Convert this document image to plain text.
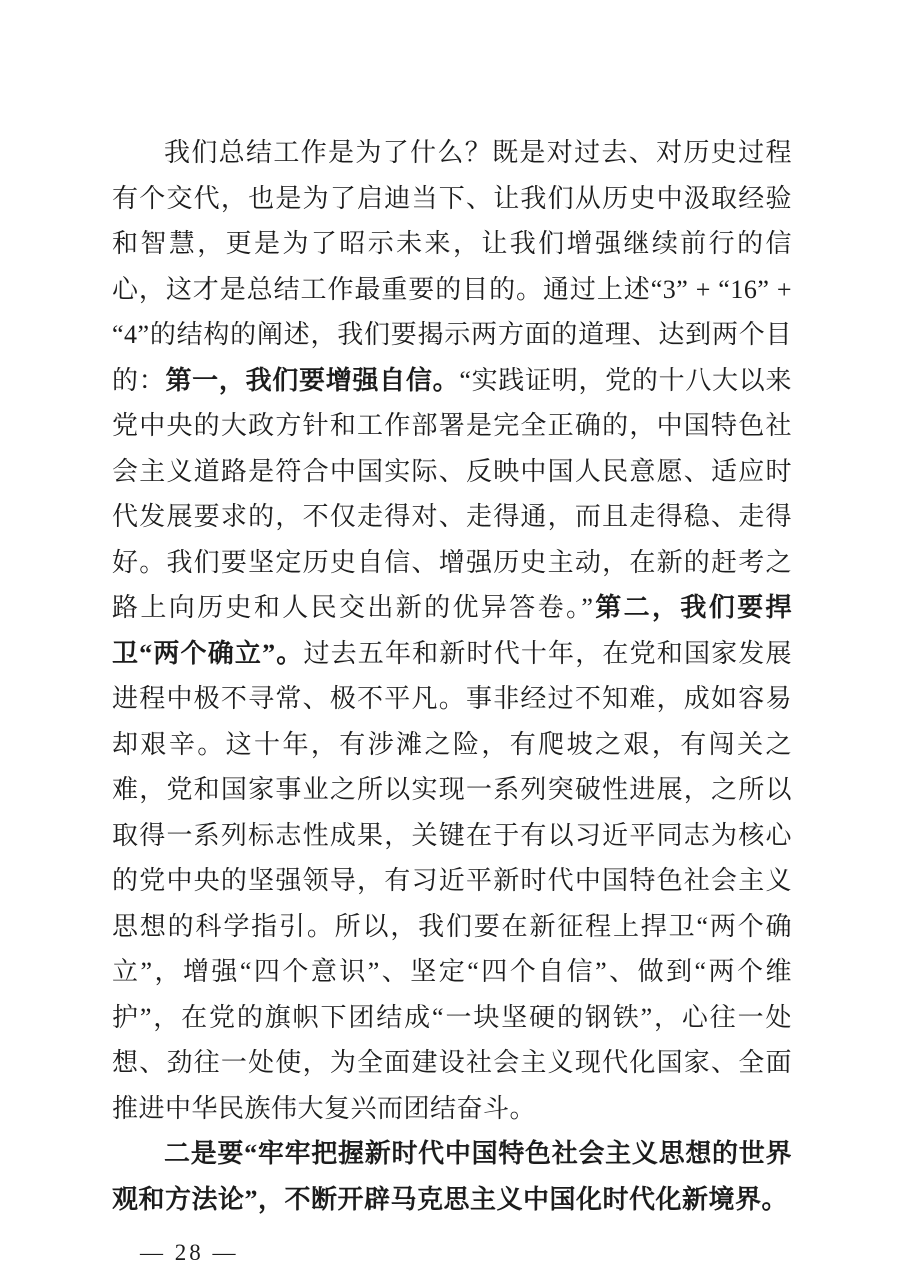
我们总结工作是为了什么？既是对过去、对历史过程有个交代，也是为了启迪当下、让我们从历史中汲取经验和智慧，更是为了昭示未来，让我们增强继续前行的信心，这才是总结工作最重要的目的。通过上述“3” + “16” + “4”的结构的阐述，我们要揭示两方面的道理、达到两个目的：第一，我们要增强自信。“实践证明，党的十八大以来党中央的大政方针和工作部署是完全正确的，中国特色社会主义道路是符合中国实际、反映中国人民意愿、适应时代发展要求的，不仅走得对、走得通，而且走得稳、走得好。我们要坚定历史自信、增强历史主动，在新的赶考之路上向历史和人民交出新的优异答卷。”第二，我们要捍卫“两个确立”。过去五年和新时代十年，在党和国家发展进程中极不寻常、极不平凡。事非经过不知难，成如容易却艰辛。这十年，有涉滩之险，有爬坡之艰，有闯关之难，党和国家事业之所以实现一系列突破性进展，之所以取得一系列标志性成果，关键在于有以习近平同志为核心的党中央的坚强领导，有习近平新时代中国特色社会主义思想的科学指引。所以，我们要在新征程上捍卫“两个确立”，增强“四个意识”、坚定“四个自信”、做到“两个维护”，在党的旗帜下团结成“一块坚硬的钢铁”，心往一处想、劲往一处使，为全面建设社会主义现代化国家、全面推进中华民族伟大复兴而团结奋斗。

二是要“牢牢把握新时代中国特色社会主义思想的世界观和方法论”，不断开辟马克思主义中国化时代化新境界。

— 28 —
